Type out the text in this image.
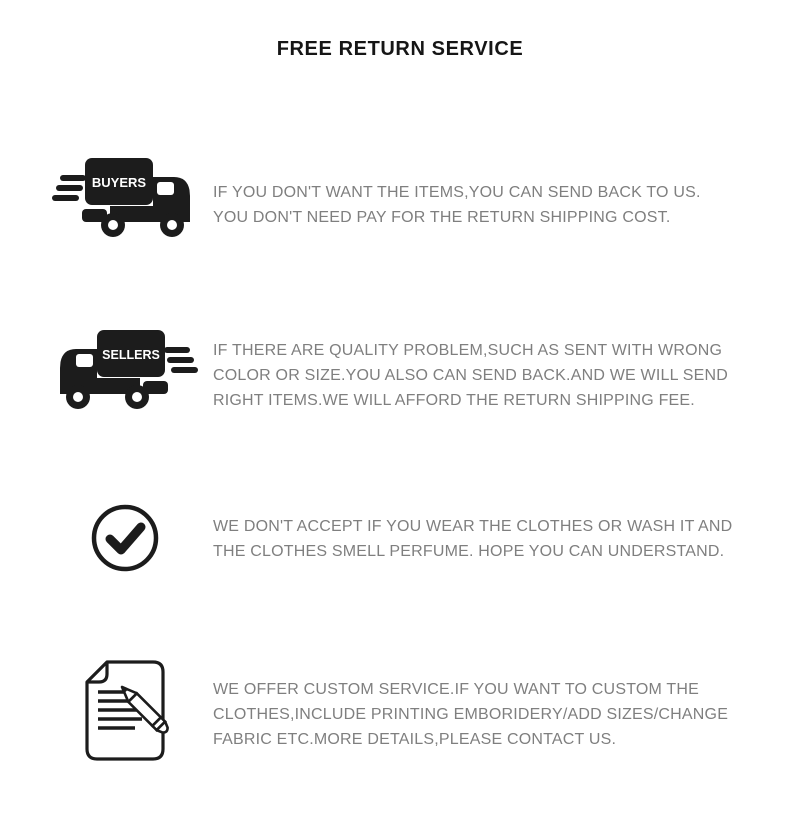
FREE RETURN SERVICE
BUYERS
IF YOU DON'T WANT THE ITEMS,YOU CAN SEND BACK TO US.
YOU DON'T NEED PAY FOR THE RETURN SHIPPING COST.
SELLERS	IF THERE ARE QUALITY PROBLEM,SUCH AS SENT WITH WRONG
COLOR OR SIZE.YOU ALSO CAN SEND BACK.AND WE WILL SEND
RIGHT ITEMS.WE WILL AFFORD THE RETURN SHIPPING FEE.
WE DON'T ACCEPT IF YOU WEAR THE CLOTHES OR WASH IT AND
THE CLOTHES SMELL PERFUME. HOPE YOU CAN UNDERSTAND.
WE OFFER CUSTOM SERVICE.IF YOU WANT TO CUSTOM THE
CLOTHES,INCLUDE PRINTING EMBORIDERY/ADD SIZES/CHANGE
FABRIC ETC.MORE DETAILS,PLEASE CONTACT US.
